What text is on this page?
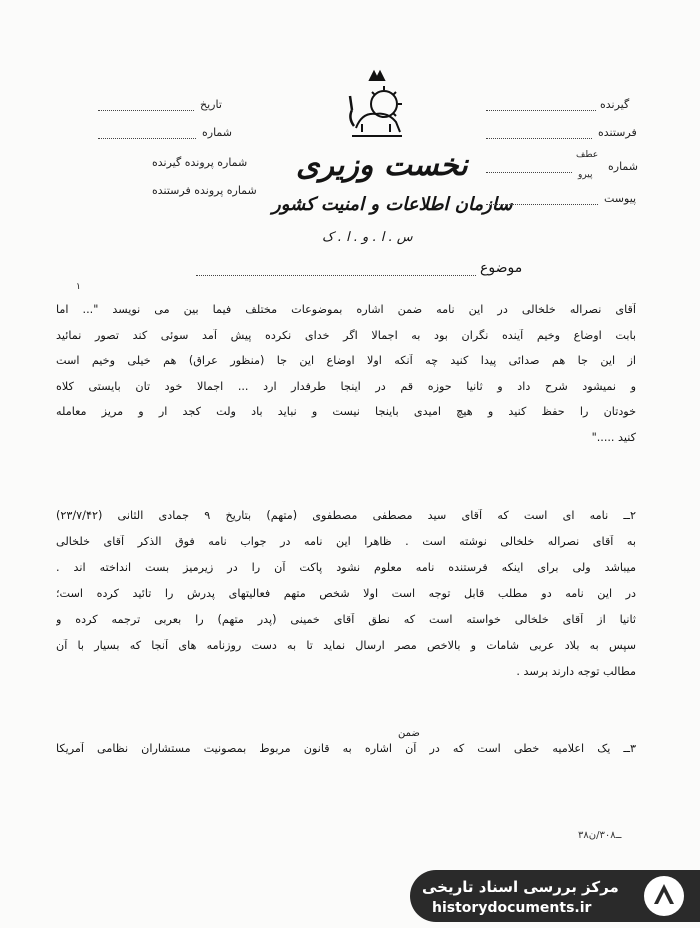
نخست وزیری
سازمان اطلاعات و امنیت کشور
س . ا . و . ا . ک
تاریخ
شماره
شماره پرونده گیرنده
شماره پرونده فرستنده
گیرنده
فرستنده
شماره
عطف
پیرو
پیوست
موضوع
۱
آقای نصراله خلخالی در این نامه ضمن اشاره بموضوعات مختلف فیما بین می نویسد "... اما
بابت اوضاع وخیم آینده نگران بود به اجمالا اگر خدای نکرده پیش آمد سوئی کند تصور نمائید
از این جا هم صدائی پیدا کنید چه آنکه اولا اوضاع این جا (منظور عراق) هم خیلی وخیم است
و نمیشود شرح داد و ثانیا حوزه قم در اینجا طرفدار ارد ... اجمالا خود تان بایستی کلاه
خودتان را حفظ کنید و هیچ امیدی باینجا نیست و نباید باد ولت کجد ار و مریز معامله
کنید ....."
۲ــ نامه ای است که آقای سید مصطفی مصطفوی (متهم) بتاریخ ۹ جمادی الثانی (۲۳/۷/۴۲)
به آقای نصراله خلخالی نوشته است . ظاهرا این نامه در جواب نامه فوق الذکر آقای خلخالی
میباشد ولی برای اینکه فرستنده نامه معلوم نشود پاکت آن را در زیرمیز بست انداخته اند .
در این نامه دو مطلب قابل توجه است اولا شخص متهم فعالیتهای پدرش را تائید کرده است؛
ثانیا از آقای خلخالی خواسته است که نطق آقای خمینی (پدر متهم) را بعربی ترجمه کرده و
سپس به بلاد عربی شامات و بالاخص مصر ارسال نماید تا به دست روزنامه های آنجا که بسیار با آن
مطالب توجه دارند برسد .
ضمن
۳ــ یک اعلامیه خطی است که در آن اشاره به قانون مربوط بمصونیت مستشاران نظامی آمریکا
۳۸ــ۳۰۸/ن
مرکز بررسی اسناد تاریخی
historydocuments.ir
